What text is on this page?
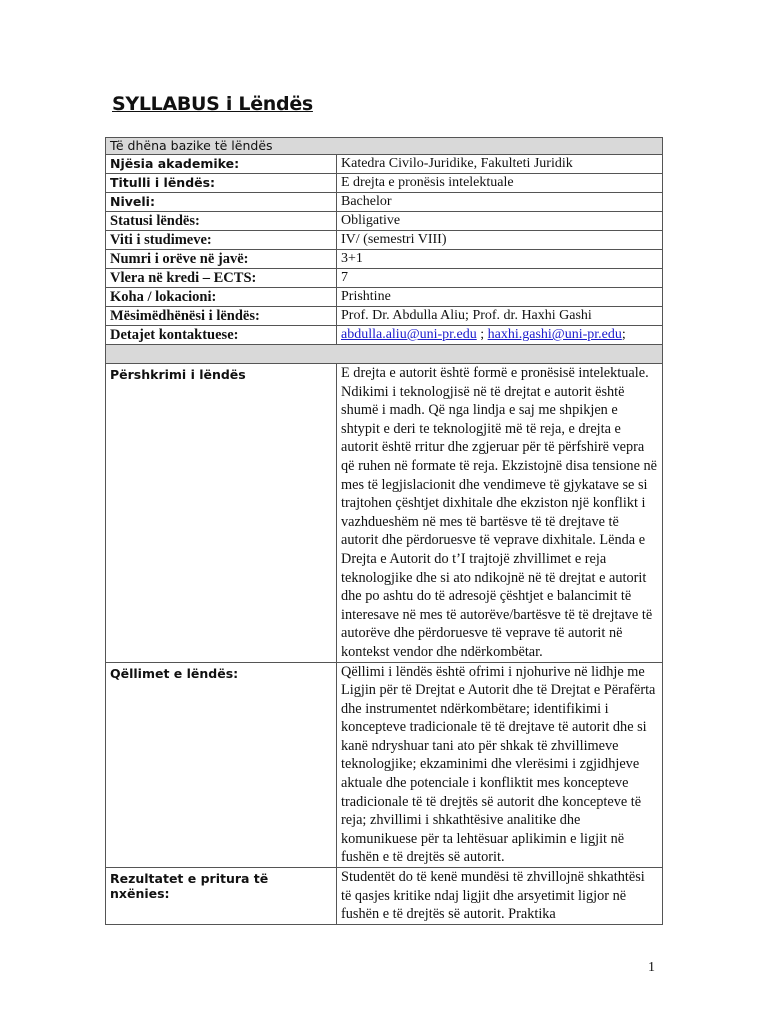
SYLLABUS i Lëndës
Të dhëna bazike të lëndës	
Njësia akademike:	Katedra Civilo-Juridike, Fakulteti Juridik
Titulli i lëndës:	E drejta e pronësis intelektuale
Niveli:	Bachelor
Statusi lëndës:	Obligative
Viti i studimeve:	IV/ (semestri VIII)
Numri i orëve në javë:	3+1
Vlera në kredi – ECTS:	7
Koha / lokacioni:	Prishtine
Mësimëdhënësi i lëndës:	Prof. Dr. Abdulla Aliu; Prof. dr. Haxhi Gashi
Detajet kontaktuese:	abdulla.aliu@uni-pr.edu ; haxhi.gashi@uni-pr.edu;

Përshkrimi i lëndës	E drejta e autorit është formë e pronësisë intelektuale. Ndikimi i teknologjisë në të drejtat e autorit është shumë i madh. Që nga lindja e saj me shpikjen e shtypit e deri te teknologjitë më të reja, e drejta e autorit është rritur dhe zgjeruar për të përfshirë vepra që ruhen në formate të reja. Ekzistojnë disa tensione në mes të legjislacionit dhe vendimeve të gjykatave se si trajtohen çështjet dixhitale dhe ekziston një konflikt i vazhdueshëm në mes të bartësve të të drejtave të autorit dhe përdoruesve të veprave dixhitale. Lënda e Drejta e Autorit do t’I trajtojë zhvillimet e reja teknologjike dhe si ato ndikojnë në të drejtat e autorit dhe po ashtu do të adresojë çështjet e balancimit të interesave në mes të autorëve/bartësve të të drejtave të autorëve dhe përdoruesve të veprave të autorit në kontekst vendor dhe ndërkombëtar.
Qëllimet e lëndës:	Qëllimi i lëndës është ofrimi i njohurive në lidhje me Ligjin për të Drejtat e Autorit dhe të Drejtat e Përafërta dhe instrumentet ndërkombëtare; identifikimi i koncepteve tradicionale të të drejtave të autorit dhe si kanë ndryshuar tani ato për shkak të zhvillimeve teknologjike; ekzaminimi dhe vlerësimi i zgjidhjeve aktuale dhe potenciale i konfliktit mes koncepteve tradicionale të të drejtës së autorit dhe koncepteve të reja; zhvillimi i shkathtësive analitike dhe komunikuese për ta lehtësuar aplikimin e ligjit në fushën e të drejtës së autorit.
Rezultatet e pritura të nxënies:	Studentët do të kenë mundësi të zhvillojnë shkathtësi të qasjes kritike ndaj ligjit dhe arsyetimit ligjor në fushën e të drejtës së autorit. Praktika
1
